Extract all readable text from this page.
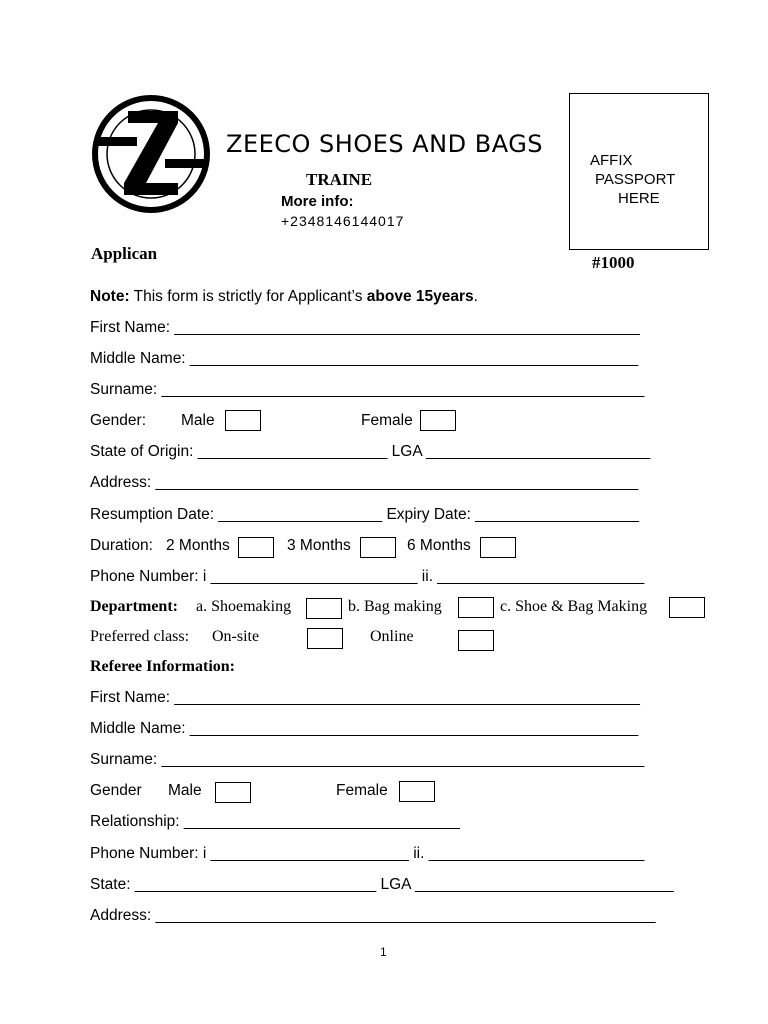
ZEECO SHOES AND BAGS
TRAINE
More info:
+2348146144017
AFFIX
PASSPORT
HERE
#1000
Applican
Note: This form is strictly for Applicant’s above 15years.
First Name: ______________________________________________________
Middle Name: ____________________________________________________
Surname: ________________________________________________________
Gender: Male	Female
State of Origin: ______________________ LGA __________________________
Address: ________________________________________________________
Resumption Date: ___________________ Expiry Date: ___________________
Duration: 2 Months	3 Months	6 Months
Phone Number: i ________________________ ii. ________________________
Department: a. Shoemaking	b. Bag making	c. Shoe & Bag Making
Preferred class: On-site	Online
Referee Information:
First Name: ______________________________________________________
Middle Name: ____________________________________________________
Surname: ________________________________________________________
Gender Male	Female
Relationship: ________________________________
Phone Number: i _______________________ ii. _________________________
State: ____________________________ LGA ______________________________
Address: __________________________________________________________
1
